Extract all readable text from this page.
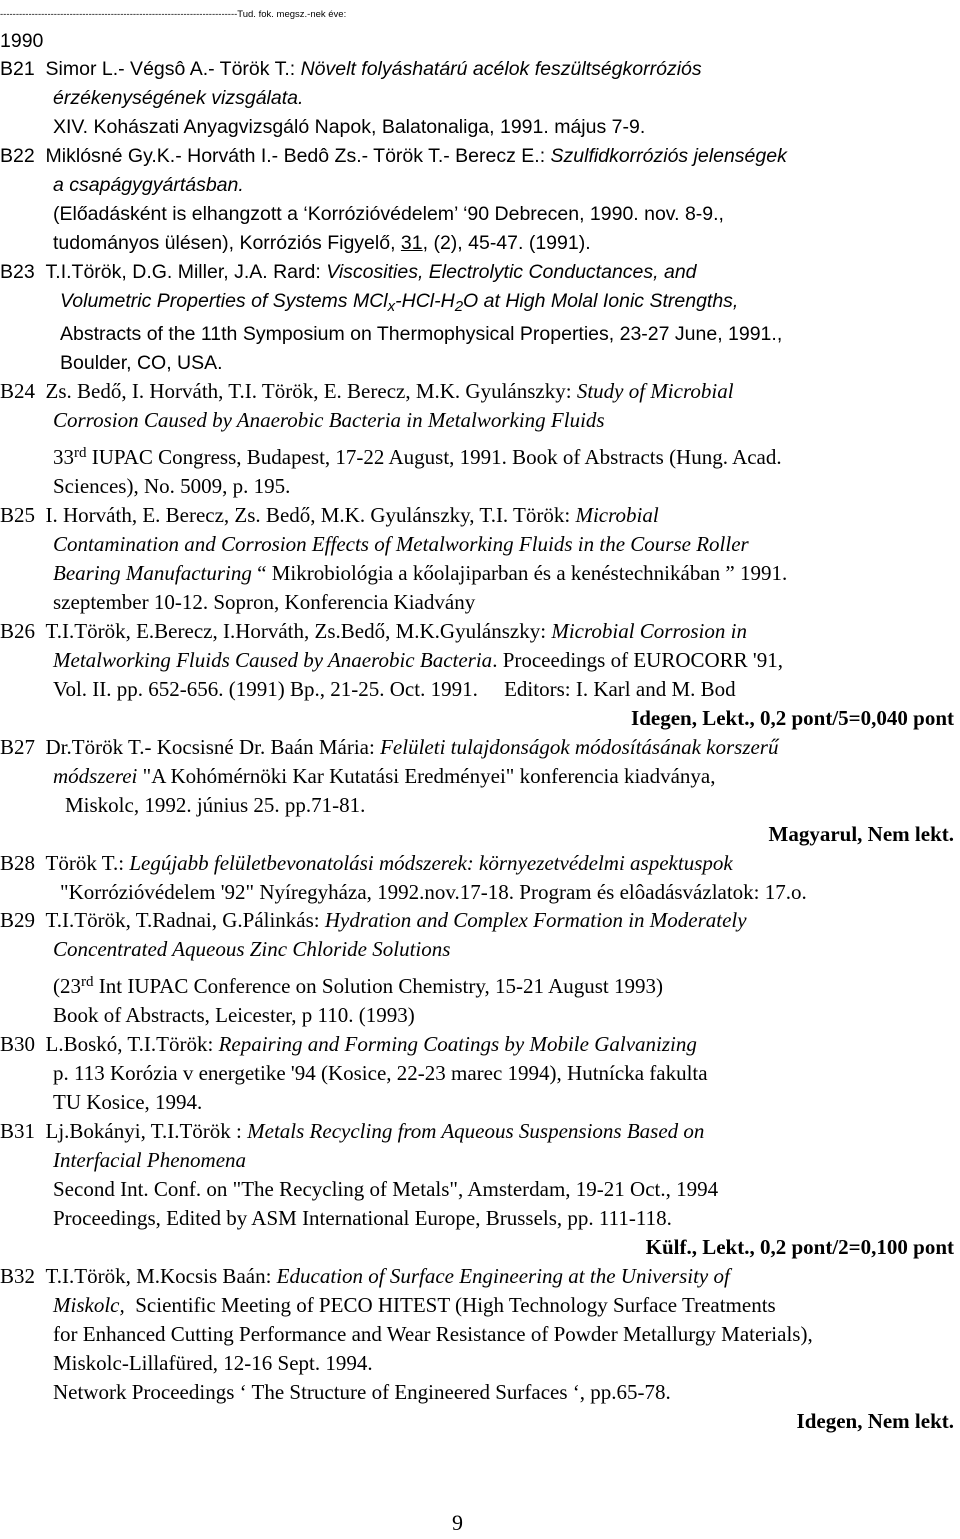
---------------------------------------------------------------------------Tud. fok. megsz.-nek éve:
1990
B21 Simor L.- Végsô A.- Török T.: Növelt folyáshatárú acélok feszültségkorróziós
érzékenységének vizsgálata.
XIV. Kohászati Anyagvizsgáló Napok, Balatonaliga, 1991. május 7-9.
B22 Miklósné Gy.K.- Horváth I.- Bedô Zs.- Török T.- Berecz E.: Szulfidkorróziós jelenségek
a csapágygyártásban.
(Előadásként is elhangzott a ‘Korrózióvédelem’ ‘90 Debrecen, 1990. nov. 8-9.,
tudományos ülésen), Korróziós Figyelő, 31, (2), 45-47. (1991).
B23 T.I.Török, D.G. Miller, J.A. Rard: Viscosities, Electrolytic Conductances, and
Volumetric Properties of Systems $MCl_x-HCl-H_2O$ at High Molal Ionic Strengths,
Abstracts of the 11th Symposium on Thermophysical Properties, 23-27 June, 1991.,
Boulder, CO, USA.
B24 Zs. Bedő, I. Horváth, T.I. Török, E. Berecz, M.K. Gyulánszky: Study of Microbial
Corrosion Caused by Anaerobic Bacteria in Metalworking Fluids
33rd IUPAC Congress, Budapest, 17-22 August, 1991. Book of Abstracts (Hung. Acad.
Sciences), No. 5009, p. 195.
B25 I. Horváth, E. Berecz, Zs. Bedő, M.K. Gyulánszky, T.I. Török: Microbial
Contamination and Corrosion Effects of Metalworking Fluids in the Course Roller
Bearing Manufacturing “ Mikrobiológia a kőolajiparban és a kenéstechnikában ” 1991.
szeptember 10-12. Sopron, Konferencia Kiadvány
B26 T.I.Török, E.Berecz, I.Horváth, Zs.Bedő, M.K.Gyulánszky: Microbial Corrosion in
Metalworking Fluids Caused by Anaerobic Bacteria. Proceedings of EUROCORR '91,
Vol. II. pp. 652-656. (1991) Bp., 21-25. Oct. 1991.     Editors: I. Karl and M. Bod
Idegen, Lekt., 0,2 pont/5=0,040 pont
B27 Dr.Török T.- Kocsisné Dr. Baán Mária: Felületi tulajdonságok módosításának korszerű
módszerei "A Kohómérnöki Kar Kutatási Eredményei" konferencia kiadványa,
Miskolc, 1992. június 25. pp.71-81.
Magyarul, Nem lekt.
B28 Török T.: Legújabb felületbevonatolási módszerek: környezetvédelmi aspektuspok
"Korrózióvédelem '92" Nyíregyháza, 1992.nov.17-18. Program és elôadásvázlatok: 17.o.
B29 T.I.Török, T.Radnai, G.Pálinkás: Hydration and Complex Formation in Moderately
Concentrated Aqueous Zinc Chloride Solutions
(23rd Int IUPAC Conference on Solution Chemistry, 15-21 August 1993)
Book of Abstracts, Leicester, p 110. (1993)
B30 L.Boskó, T.I.Török: Repairing and Forming Coatings by Mobile Galvanizing
p. 113 Korózia v energetike '94 (Kosice, 22-23 marec 1994), Hutnícka fakulta
TU Kosice, 1994.
B31 Lj.Bokányi, T.I.Török : Metals Recycling from Aqueous Suspensions Based on
Interfacial Phenomena
Second Int. Conf. on "The Recycling of Metals", Amsterdam, 19-21 Oct., 1994
Proceedings, Edited by ASM International Europe, Brussels, pp. 111-118.
Külf., Lekt., 0,2 pont/2=0,100 pont
B32 T.I.Török, M.Kocsis Baán: Education of Surface Engineering at the University of
Miskolc, Scientific Meeting of PECO HITEST (High Technology Surface Treatments
for Enhanced Cutting Performance and Wear Resistance of Powder Metallurgy Materials),
Miskolc-Lillafüred, 12-16 Sept. 1994.
Network Proceedings ‘ The Structure of Engineered Surfaces ‘, pp.65-78.
Idegen, Nem lekt.
9
